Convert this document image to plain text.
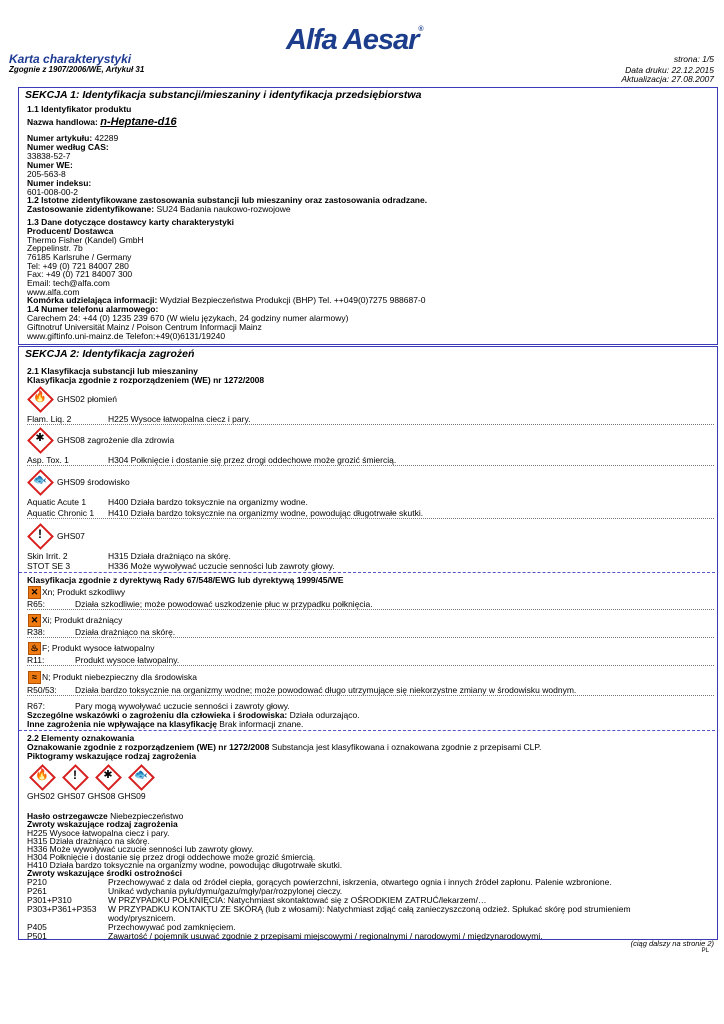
Alfa Aesar®
Karta charakterystyki
Zgognie z 1907/2006/WE, Artykuł 31
strona: 1/5
Data druku: 22.12.2015
Aktualizacja: 27.08.2007
SEKCJA 1: Identyfikacja substancji/mieszaniny i identyfikacja przedsiębiorstwa
1.1 Identyfikator produktu
Nazwa handlowa: n-Heptane-d16
Numer artykułu: 42289
Numer według CAS:
33838-52-7
Numer WE:
205-563-8
Numer indeksu:
601-008-00-2
1.2 Istotne zidentyfikowane zastosowania substancji lub mieszaniny oraz zastosowania odradzane.
Zastosowanie zidentyfikowane: SU24 Badania naukowo-rozwojowe
1.3 Dane dotyczące dostawcy karty charakterystyki
Producent/ Dostawca
Thermo Fisher (Kandel) GmbH
Zeppelinstr. 7b
76185 Karlsruhe / Germany
Tel: +49 (0) 721 84007 280
Fax: +49 (0) 721 84007 300
Email: tech@alfa.com
www.alfa.com
Komórka udzielająca informacji: Wydział Bezpieczeństwa Produkcji (BHP) Tel. ++049(0)7275 988687-0
1.4 Numer telefonu alarmowego:
Carechem 24: +44 (0) 1235 239 670 (W wielu językach, 24 godziny numer alarmowy)
Giftnotruf Universität Mainz / Poison Centrum Informacji Mainz
www.giftinfo.uni-mainz.de Telefon:+49(0)6131/19240
SEKCJA 2: Identyfikacja zagrożeń
2.1 Klasyfikacja substancji lub mieszaniny
Klasyfikacja zgodnie z rozporządzeniem (WE) nr 1272/2008
🔥 GHS02 płomień
Flam. Liq. 2	H225 Wysoce łatwopalna ciecz i pary.
✱	GHS08 zagrożenie dla zdrowia
Asp. Tox. 1	H304 Połknięcie i dostanie się przez drogi oddechowe może grozić śmiercią.
🐟 GHS09 środowisko
Aquatic Acute 1	H400 Działa bardzo toksycznie na organizmy wodne.
Aquatic Chronic 1 H410 Działa bardzo toksycznie na organizmy wodne, powodując długotrwałe skutki.
!	GHS07
Skin Irrit. 2	H315 Działa drażniąco na skórę.
STOT SE 3	H336 Może wywoływać uczucie senności lub zawroty głowy.
Klasyfikacja zgodnie z dyrektywą Rady 67/548/EWG lub dyrektywą 1999/45/WE
✕ Xn; Produkt szkodliwy
R65:	Działa szkodliwie; może powodować uszkodzenie płuc w przypadku połknięcia.
✕ Xi; Produkt drażniący
R38:	Działa drażniąco na skórę.
♨ F; Produkt wysoce łatwopalny
R11:	Produkt wysoce łatwopalny.
≈ N; Produkt niebezpieczny dla środowiska
R50/53: Działa bardzo toksycznie na organizmy wodne; może powodować długo utrzymujące się niekorzystne zmiany w środowisku wodnym.
R67:	Pary mogą wywoływać uczucie senności i zawroty głowy.
Szczególne wskazówki o zagrożeniu dla człowieka i środowiska: Działa odurzająco.
Inne zagrożenia nie wpływające na klasyfikację Brak informacji znane.
2.2 Elementy oznakowania
Oznakowanie zgodnie z rozporządzeniem (WE) nr 1272/2008 Substancja jest klasyfikowana i oznakowana zgodnie z przepisami CLP.
Piktogramy wskazujące rodzaj zagrożenia
🔥	!	✱	🐟
GHS02 GHS07 GHS08 GHS09
Hasło ostrzegawcze Niebezpieczeństwo
Zwroty wskazujące rodzaj zagrożenia
H225 Wysoce łatwopalna ciecz i pary.
H315 Działa drażniąco na skórę.
H336 Może wywoływać uczucie senności lub zawroty głowy.
H304 Połknięcie i dostanie się przez drogi oddechowe może grozić śmiercią.
H410 Działa bardzo toksycznie na organizmy wodne, powodując długotrwałe skutki.
Zwroty wskazujące środki ostrożności
P210	Przechowywać z dala od źródeł ciepła, gorących powierzchni, iskrzenia, otwartego ognia i innych źródeł zapłonu. Palenie wzbronione.
P261	Unikać wdychania pyłu/dymu/gazu/mgły/par/rozpylonej cieczy.
P301+P310	W PRZYPADKU POŁKNIĘCIA: Natychmiast skontaktować się z OŚRODKIEM ZATRUĆ/lekarzem/…
P303+P361+P353 W PRZYPADKU KONTAKTU ZE SKÓRĄ (lub z włosami): Natychmiast zdjąć całą zanieczyszczoną odzież. Spłukać skórę pod strumieniem
wody/prysznicem.
P405	Przechowywać pod zamknięciem.
P501	Zawartość / pojemnik usuwać zgodnie z przepisami miejscowymi / regionalnymi / narodowymi / międzynarodowymi.
(ciąg dalszy na stronie 2)
PL
